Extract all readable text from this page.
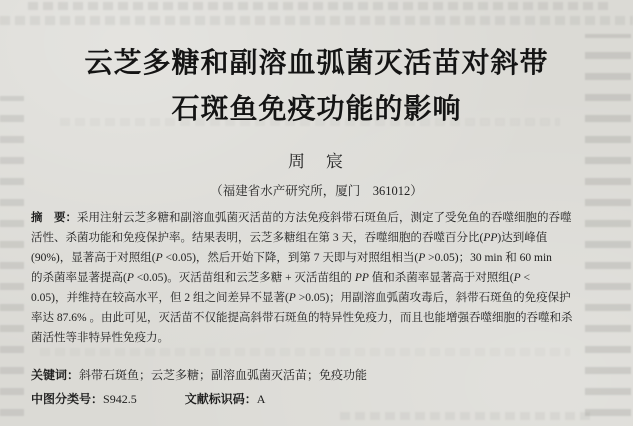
云芝多糖和副溶血弧菌灭活苗对斜带
石斑鱼免疫功能的影响
周　宸
（福建省水产研究所，厦门　361012）
摘　要：采用注射云芝多糖和副溶血弧菌灭活苗的方法免疫斜带石斑鱼后，测定了受免鱼的吞噬细胞的吞噬
活性、杀菌功能和免疫保护率。结果表明，云芝多糖组在第 3 天，吞噬细胞的吞噬百分比(PP)达到峰值
(90%)，显著高于对照组(P <0.05)，然后开始下降，到第 7 天即与对照组相当(P >0.05)；30 min 和 60 min
的杀菌率显著提高(P <0.05)。灭活苗组和云芝多糖 + 灭活苗组的 PP 值和杀菌率显著高于对照组(P <
0.05)，并维持在较高水平，但 2 组之间差异不显著(P >0.05)；用副溶血弧菌攻毒后，斜带石斑鱼的免疫保护
率达 87.6% 。由此可见，灭活苗不仅能提高斜带石斑鱼的特异性免疫力，而且也能增强吞噬细胞的吞噬和杀
菌活性等非特异性免疫力。
关键词：斜带石斑鱼；云芝多糖；副溶血弧菌灭活苗；免疫功能
中图分类号：S942.5	文献标识码：A
